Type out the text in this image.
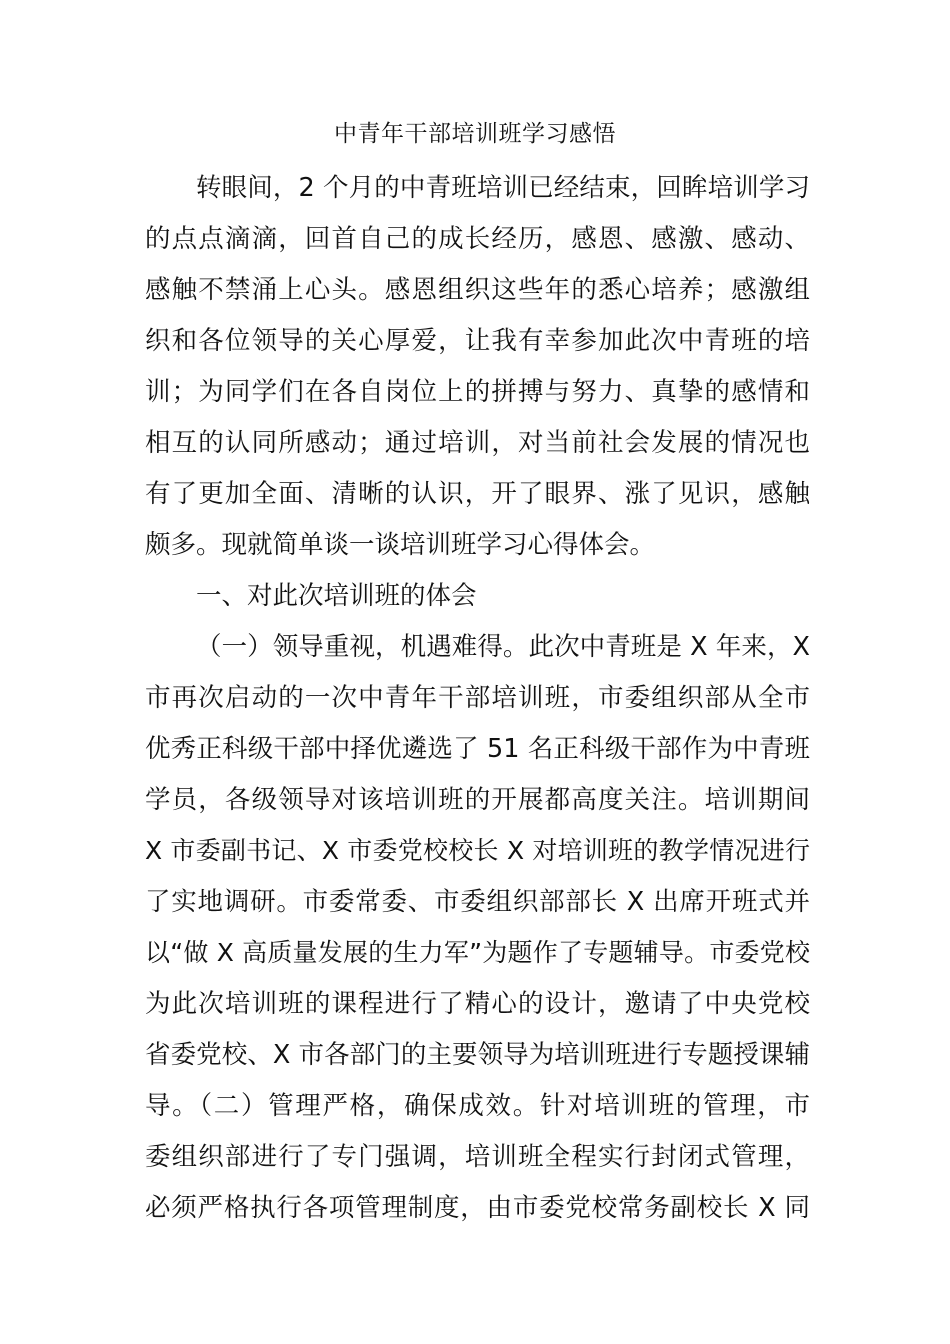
中青年干部培训班学习感悟
转眼间，2 个月的中青班培训已经结束，回眸培训学习
的点点滴滴，回首自己的成长经历，感恩、感激、感动、
感触不禁涌上心头。感恩组织这些年的悉心培养；感激组
织和各位领导的关心厚爱，让我有幸参加此次中青班的培
训；为同学们在各自岗位上的拼搏与努力、真挚的感情和
相互的认同所感动；通过培训，对当前社会发展的情况也
有了更加全面、清晰的认识，开了眼界、涨了见识，感触
颇多。现就简单谈一谈培训班学习心得体会。
一、对此次培训班的体会
（一）领导重视，机遇难得。此次中青班是 X 年来，X
市再次启动的一次中青年干部培训班，市委组织部从全市
优秀正科级干部中择优遴选了 51 名正科级干部作为中青班
学员，各级领导对该培训班的开展都高度关注。培训期间
X 市委副书记、X 市委党校校长 X 对培训班的教学情况进行
了实地调研。市委常委、市委组织部部长 X 出席开班式并
以“做 X 高质量发展的生力军”为题作了专题辅导。市委党校
为此次培训班的课程进行了精心的设计，邀请了中央党校
省委党校、X 市各部门的主要领导为培训班进行专题授课辅
导。（二）管理严格，确保成效。针对培训班的管理，市
委组织部进行了专门强调，培训班全程实行封闭式管理，
必须严格执行各项管理制度，由市委党校常务副校长 X 同
